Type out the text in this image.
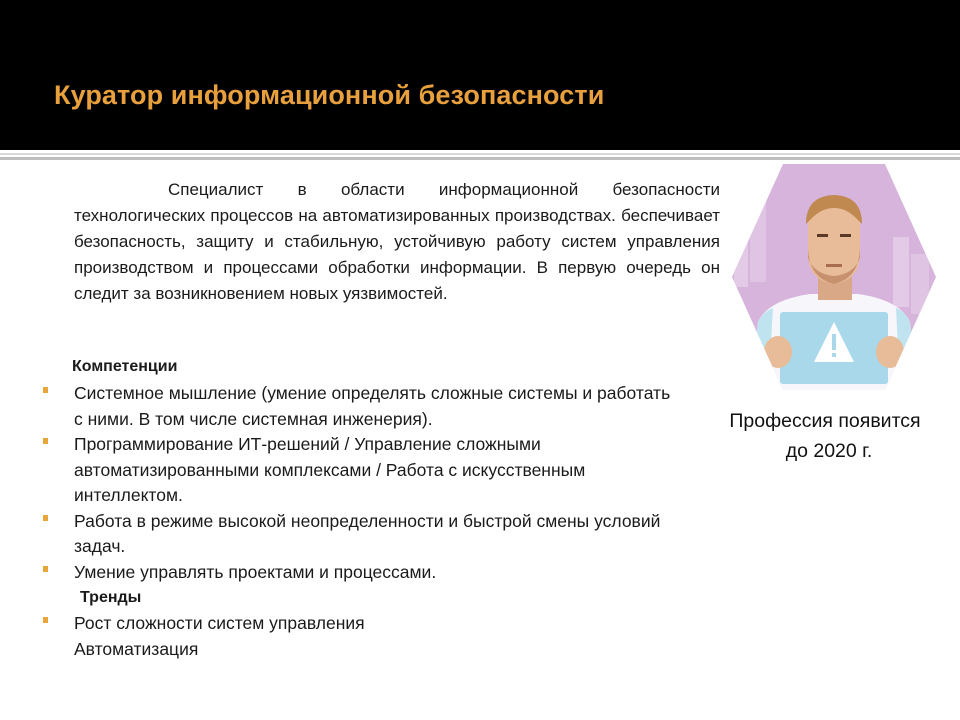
Куратор информационной безопасности

Специалист в области информационной безопасности технологических процессов на автоматизированных производствах. беспечивает безопасность, защиту и стабильную, устойчивую работу систем управления производством и процессами обработки информации. В первую очередь он следит за возникновением новых уязвимостей.

Компетенции
Системное мышление (умение определять сложные системы и работать с ними. В том числе системная инженерия).
Программирование ИТ-решений / Управление сложными автоматизированными комплексами / Работа с искусственным интеллектом.
Работа в режиме высокой неопределенности и быстрой смены условий задач.
Умение управлять проектами и процессами.
Тренды
Рост сложности систем управления
Автоматизация
Профессия появится
до 2020 г.
